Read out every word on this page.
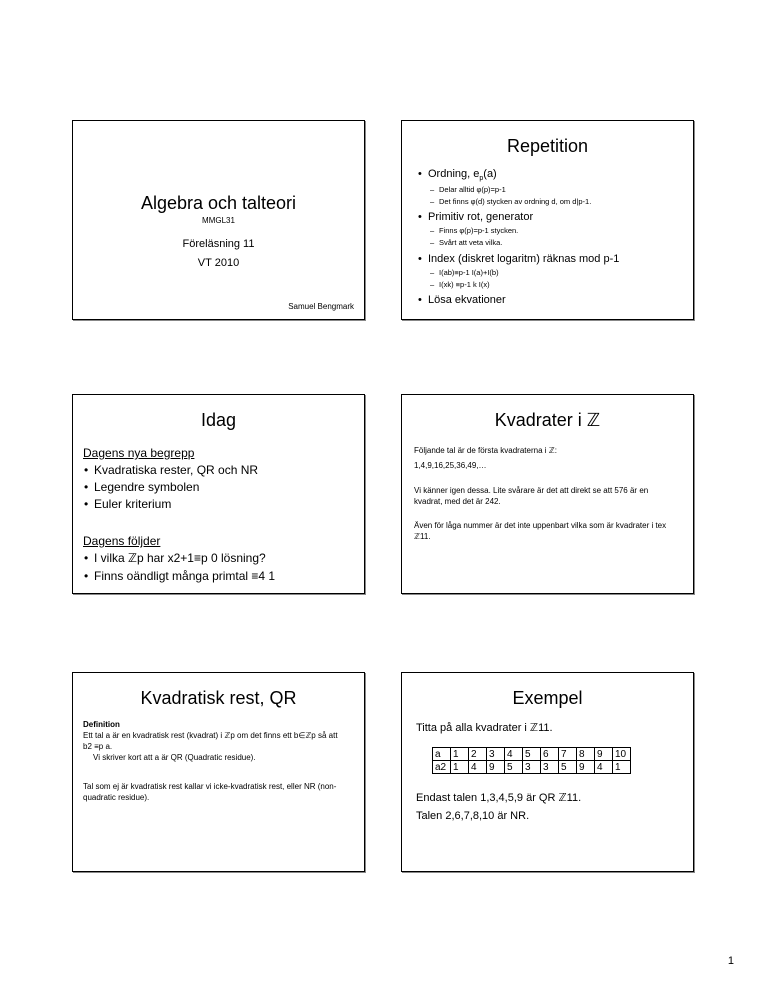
Algebra och talteori
MMGL31
Föreläsning 11
VT 2010
Samuel Bengmark
Repetition
• Ordning, $e_p(a)$
– Delar alltid φ(p)=p-1
– Det finns φ(d) stycken av ordning d, om d|p-1.
• Primitiv rot, generator
– Finns φ(p)=p-1 stycken.
– Svårt att veta vilka.
• Index (diskret logaritm) räknas mod p-1
– I(ab)≡p-1 I(a)+I(b)
– I(xk) ≡p-1 k I(x)
• Lösa ekvationer
Idag
Dagens nya begrepp
• Kvadratiska rester, QR och NR
• Legendre symbolen
• Euler kriterium
Dagens följder
• I vilka ℤp har x2+1≡p 0 lösning?
• Finns oändligt många primtal ≡4 1
Kvadrater i ℤ
Följande tal är de första kvadraterna i ℤ:
1,4,9,16,25,36,49,…
Vi känner igen dessa. Lite svårare är det att direkt se att 576 är en kvadrat, med det är 242.
Även för låga nummer är det inte uppenbart vilka som är kvadrater i tex ℤ11.
Kvadratisk rest, QR
Definition
Ett tal a är en kvadratisk rest (kvadrat) i ℤp om det finns ett b∈ℤp så att b2 ≡p a.
Vi skriver kort att a är QR (Quadratic residue).
Tal som ej är kvadratisk rest kallar vi icke-kvadratisk rest, eller NR (non-quadratic residue).
Exempel
Titta på alla kvadrater i ℤ11.
a	1	2	3	4	5	6	7	8	9	10
a2	1	4	9	5	3	3	5	9	4	1
Endast talen 1,3,4,5,9 är QR ℤ11.
Talen 2,6,7,8,10 är NR.
1
